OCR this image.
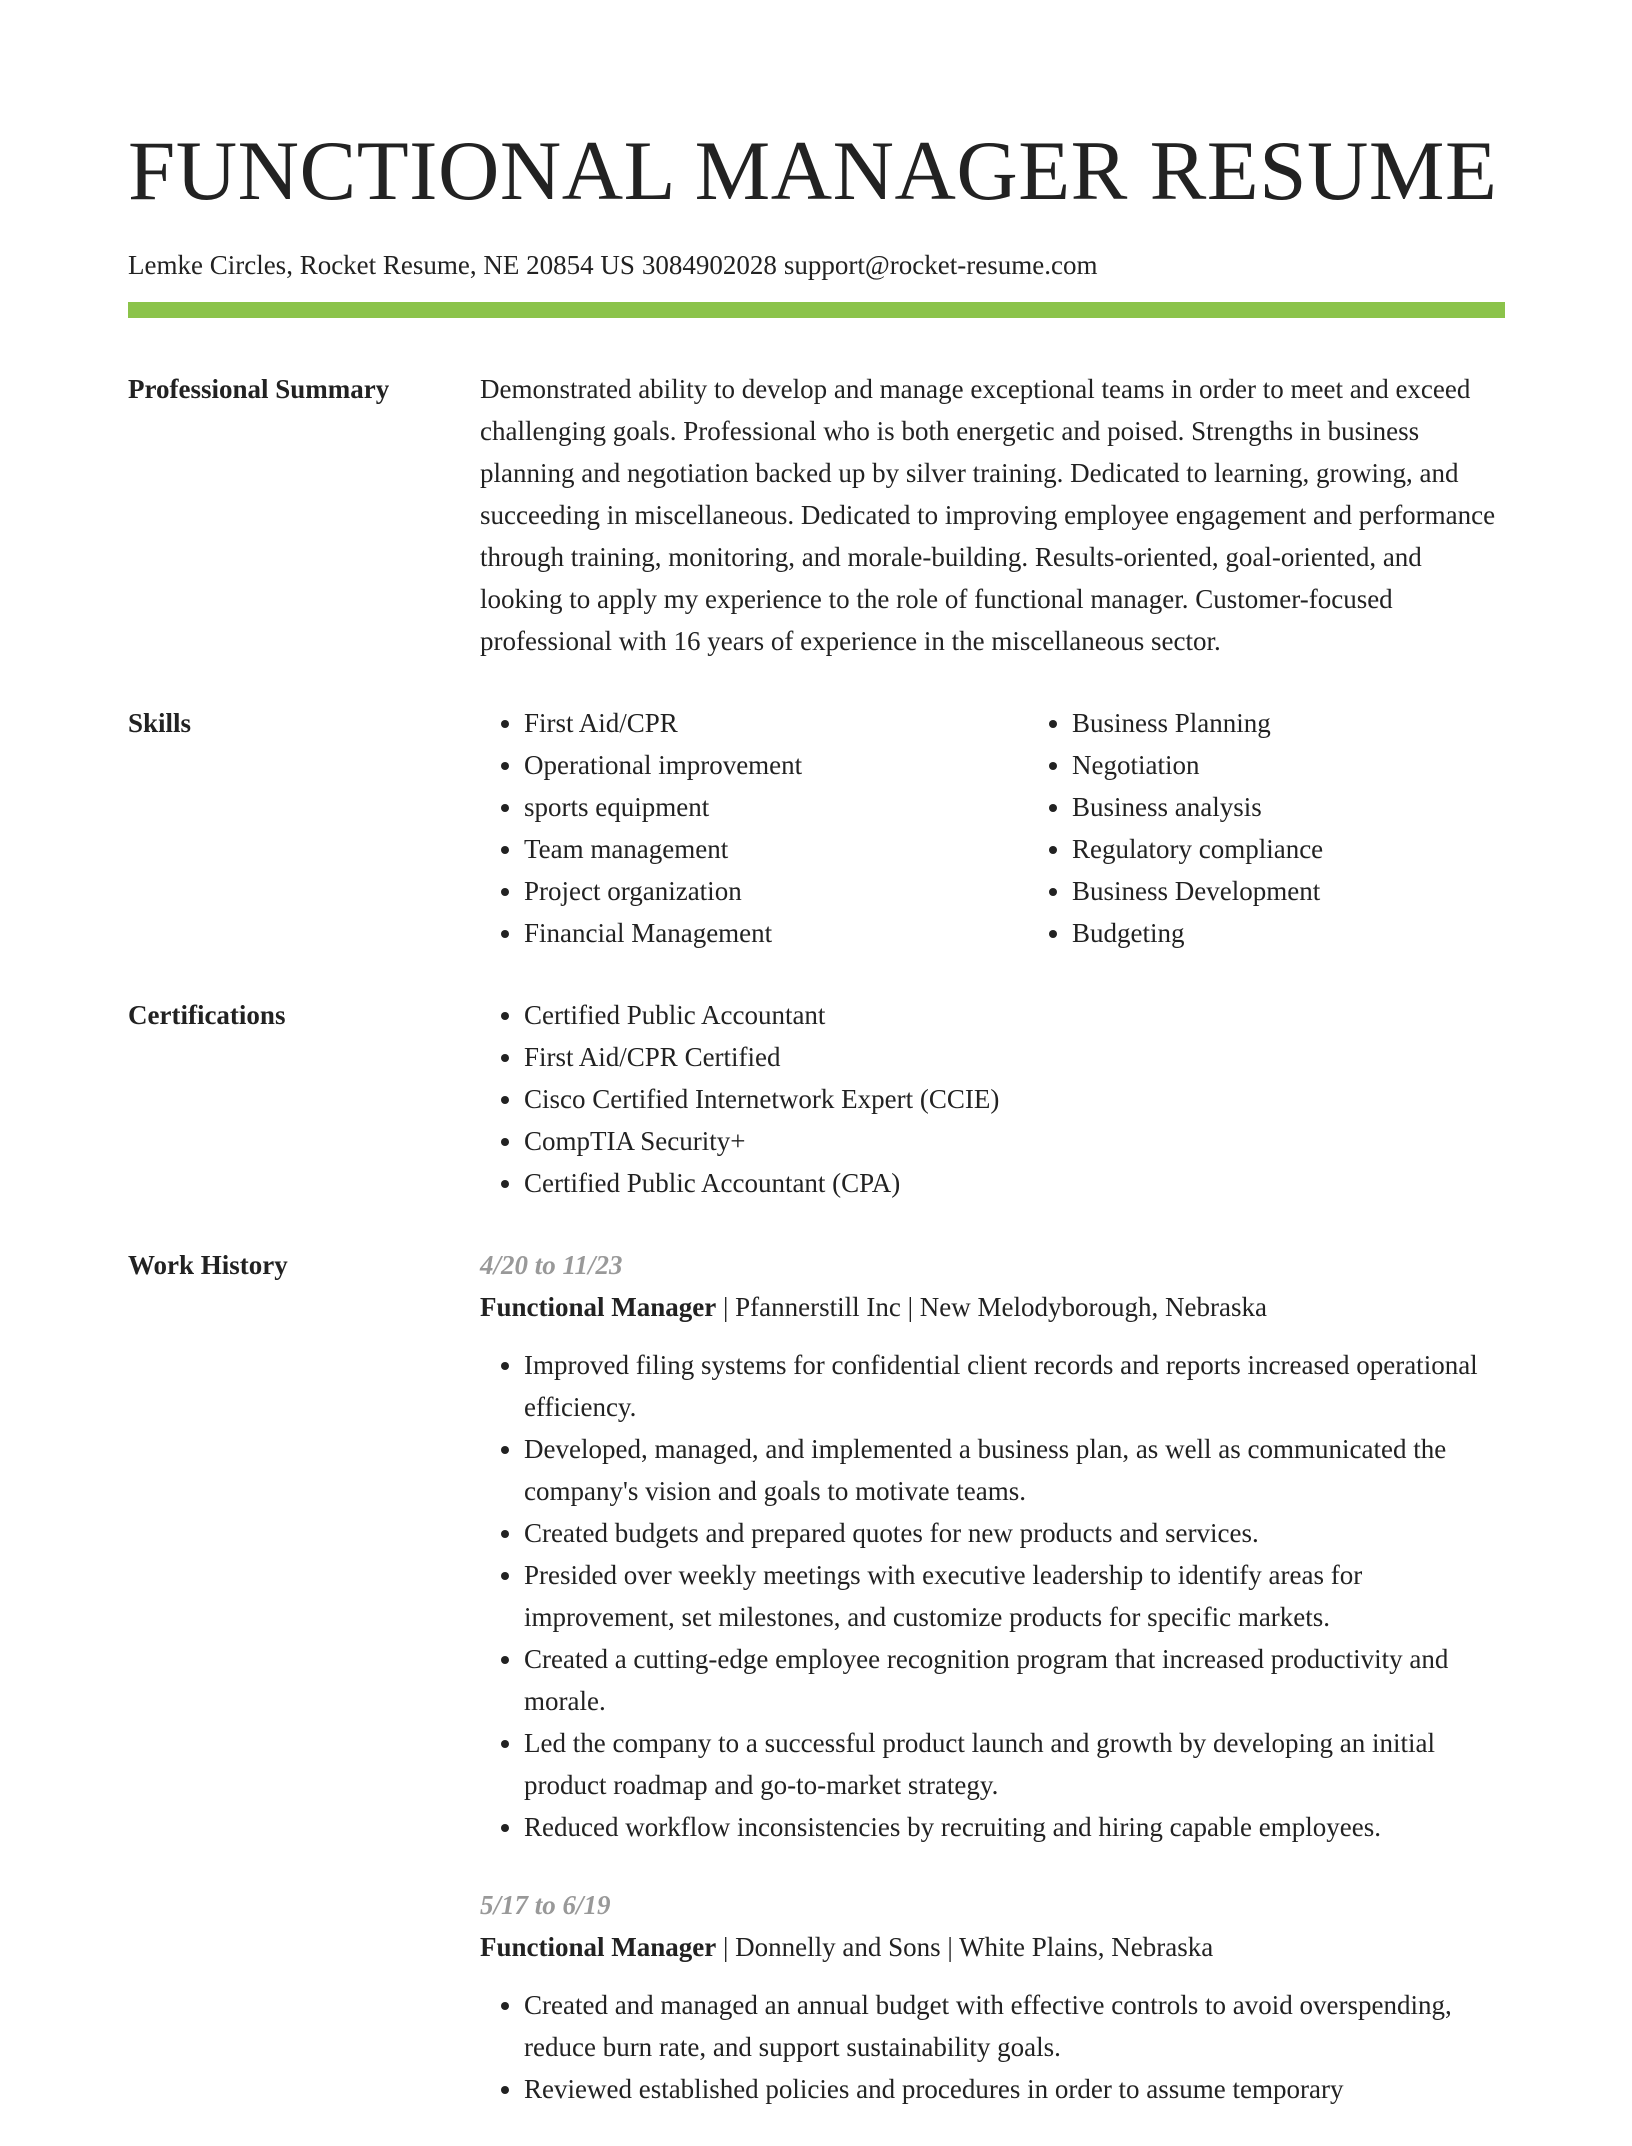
FUNCTIONAL MANAGER RESUME
Lemke Circles, Rocket Resume, NE 20854 US 3084902028 support@rocket-resume.com
Professional Summary	Demonstrated ability to develop and manage exceptional teams in order to meet and exceed challenging goals. Professional who is both energetic and poised. Strengths in business planning and negotiation backed up by silver training. Dedicated to learning, growing, and succeeding in miscellaneous. Dedicated to improving employee engagement and performance through training, monitoring, and morale-building. Results-oriented, goal-oriented, and looking to apply my experience to the role of functional manager. Customer-focused professional with 16 years of experience in the miscellaneous sector.

Skills	• First Aid/CPR
• Operational improvement
• sports equipment
• Team management
• Project organization
• Financial Management
• Business Planning
• Negotiation
• Business analysis
• Regulatory compliance
• Business Development
• Budgeting
Certifications	• Certified Public Accountant
• First Aid/CPR Certified
• Cisco Certified Internetwork Expert (CCIE)
• CompTIA Security+
• Certified Public Accountant (CPA)
Work History	4/20 to 11/23
Functional Manager | Pfannerstill Inc | New Melodyborough, Nebraska
• Improved filing systems for confidential client records and reports increased operational efficiency.
• Developed, managed, and implemented a business plan, as well as communicated the company's vision and goals to motivate teams.
• Created budgets and prepared quotes for new products and services.
• Presided over weekly meetings with executive leadership to identify areas for improvement, set milestones, and customize products for specific markets.
• Created a cutting-edge employee recognition program that increased productivity and morale.
• Led the company to a successful product launch and growth by developing an initial product roadmap and go-to-market strategy.
• Reduced workflow inconsistencies by recruiting and hiring capable employees.
5/17 to 6/19
Functional Manager | Donnelly and Sons | White Plains, Nebraska
• Created and managed an annual budget with effective controls to avoid overspending, reduce burn rate, and support sustainability goals.
• Reviewed established policies and procedures in order to assume temporary
